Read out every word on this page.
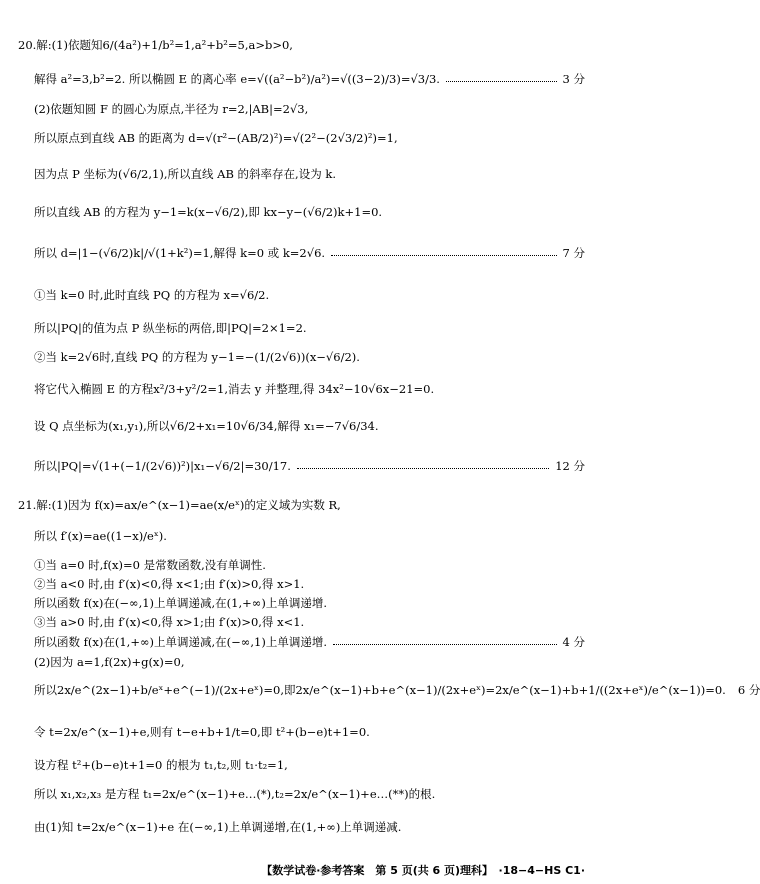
20.解:(1)依题知6/(4a²)+1/b²=1,a²+b²=5,a>b>0,
解得 a²=3,b²=2. 所以椭圆 E 的离心率 e=√((a²−b²)/a²)=√((3−2)/3)=√3/3.	3 分
(2)依题知圆 F 的圆心为原点,半径为 r=2,|AB|=2√3,
所以原点到直线 AB 的距离为 d=√(r²−(AB/2)²)=√(2²−(2√3/2)²)=1,
因为点 P 坐标为(√6/2,1),所以直线 AB 的斜率存在,设为 k.
所以直线 AB 的方程为 y−1=k(x−√6/2),即 kx−y−(√6/2)k+1=0.
所以 d=|1−(√6/2)k|/√(1+k²)=1,解得 k=0 或 k=2√6.	7 分
①当 k=0 时,此时直线 PQ 的方程为 x=√6/2.
所以|PQ|的值为点 P 纵坐标的两倍,即|PQ|=2×1=2.
②当 k=2√6时,直线 PQ 的方程为 y−1=−(1/(2√6))(x−√6/2).
将它代入椭圆 E 的方程x²/3+y²/2=1,消去 y 并整理,得 34x²−10√6x−21=0.
设 Q 点坐标为(x₁,y₁),所以√6/2+x₁=10√6/34,解得 x₁=−7√6/34.
所以|PQ|=√(1+(−1/(2√6))²)|x₁−√6/2|=30/17.	12 分
21.解:(1)因为 f(x)=ax/e^(x−1)=ae(x/eˣ)的定义域为实数 R,
所以 f′(x)=ae((1−x)/eˣ).
①当 a=0 时,f(x)=0 是常数函数,没有单调性.
②当 a<0 时,由 f′(x)<0,得 x<1;由 f′(x)>0,得 x>1.
所以函数 f(x)在(−∞,1)上单调递减,在(1,+∞)上单调递增.
③当 a>0 时,由 f′(x)<0,得 x>1;由 f′(x)>0,得 x<1.
所以函数 f(x)在(1,+∞)上单调递减,在(−∞,1)上单调递增.	4 分
(2)因为 a=1,f(2x)+g(x)=0,
所以2x/e^(2x−1)+b/eˣ+e^(−1)/(2x+eˣ)=0,即2x/e^(x−1)+b+e^(x−1)/(2x+eˣ)=2x/e^(x−1)+b+1/((2x+eˣ)/e^(x−1))=0. 6 分
令 t=2x/e^(x−1)+e,则有 t−e+b+1/t=0,即 t²+(b−e)t+1=0.
设方程 t²+(b−e)t+1=0 的根为 t₁,t₂,则 t₁·t₂=1,
所以 x₁,x₂,x₃ 是方程 t₁=2x/e^(x−1)+e…(*),t₂=2x/e^(x−1)+e…(**)的根.
由(1)知 t=2x/e^(x−1)+e 在(−∞,1)上单调递增,在(1,+∞)上单调递减.
【数学试卷·参考答案　第 5 页(共 6 页)理科】　·18−4−HS C1·
